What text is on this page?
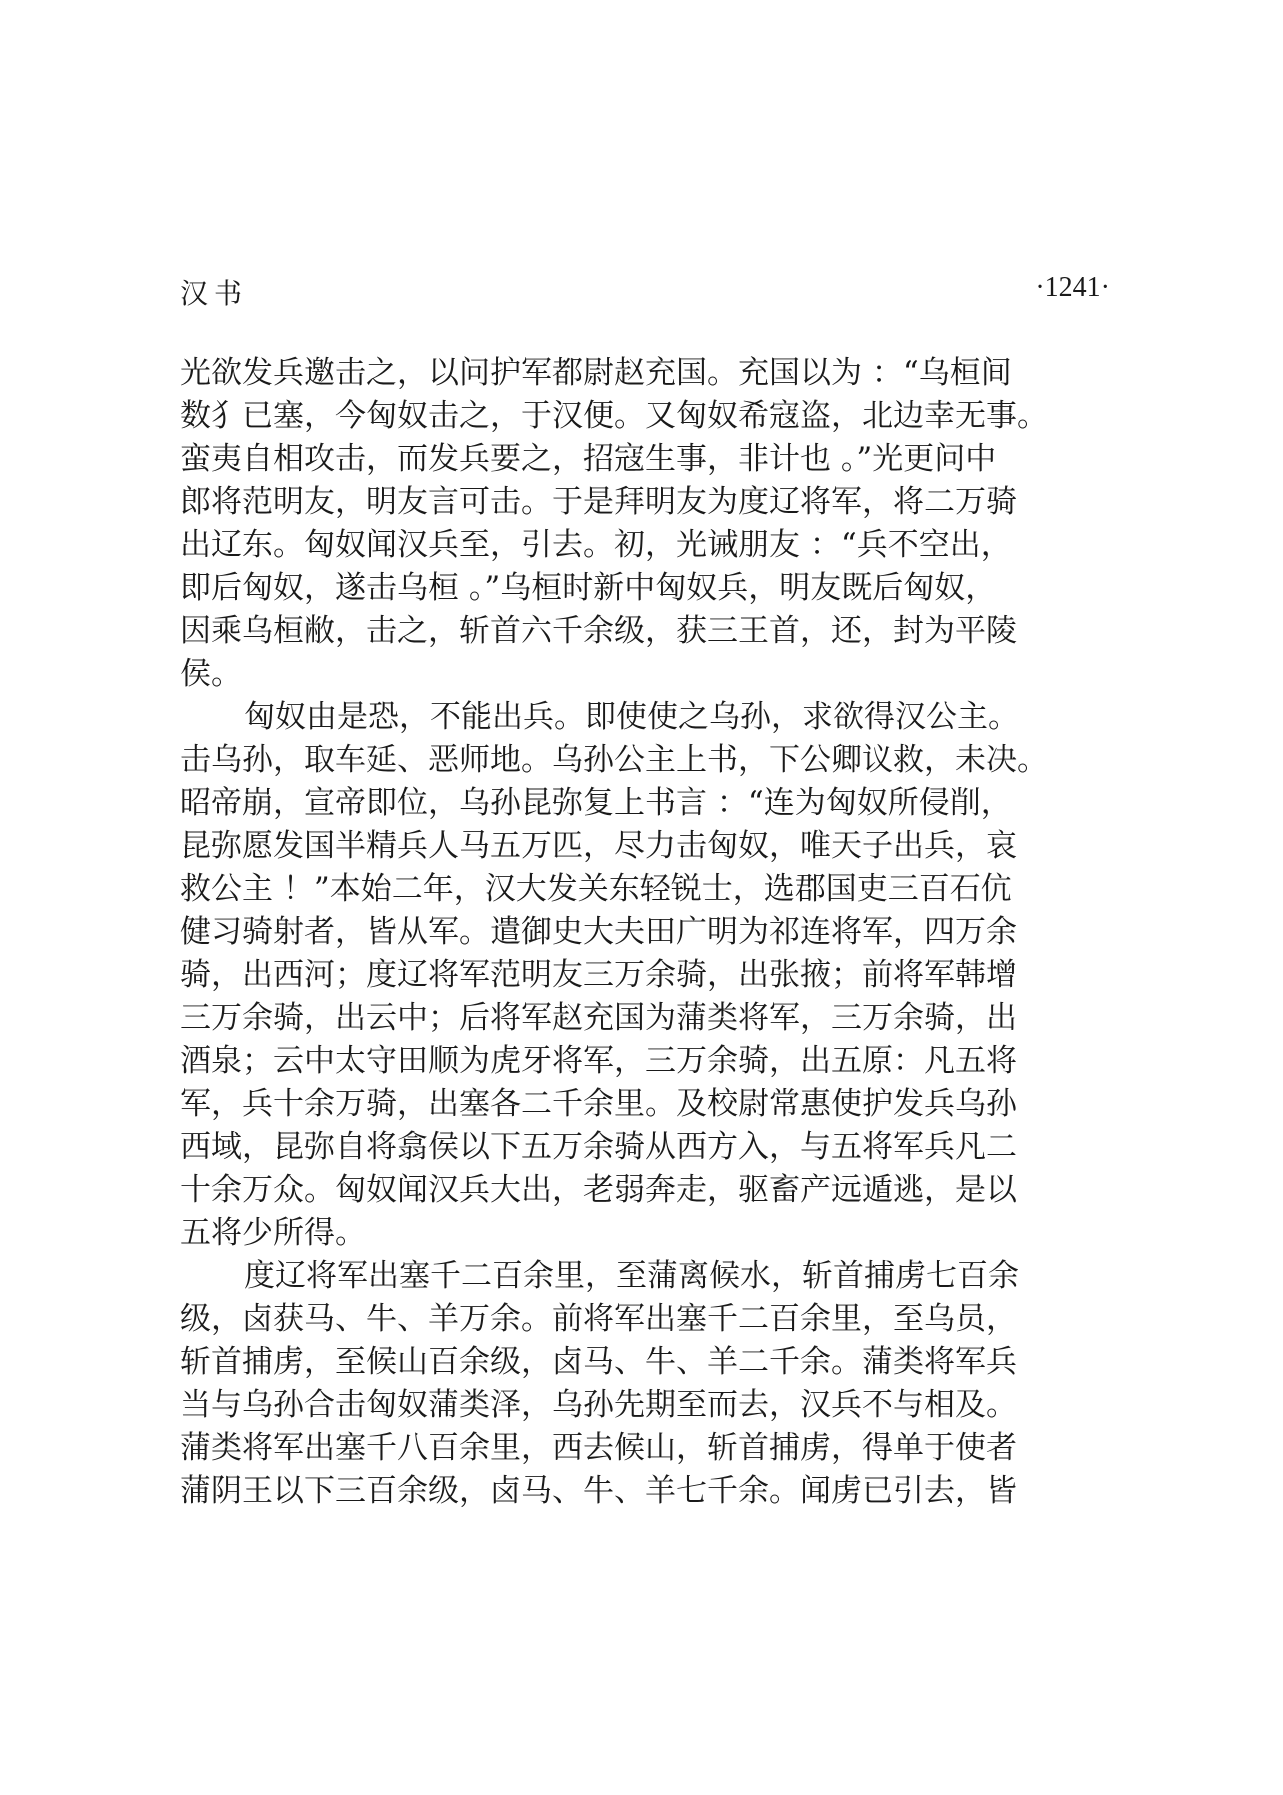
汉书	·1241·
光欲发兵邀击之，以问护军都尉赵充国。充国以为 ：“乌桓间
数犭已塞，今匈奴击之，于汉便。又匈奴希寇盗，北边幸无事。
蛮夷自相攻击，而发兵要之，招寇生事，非计也 。”光更问中
郎将范明友，明友言可击。于是拜明友为度辽将军，将二万骑
出辽东。匈奴闻汉兵至，引去。初，光诫朋友 ：“兵不空出，
即后匈奴，遂击乌桓 。”乌桓时新中匈奴兵，明友既后匈奴，
因乘乌桓敝，击之，斩首六千余级，获三王首，还，封为平陵
侯。
匈奴由是恐，不能出兵。即使使之乌孙，求欲得汉公主。
击乌孙，取车延、恶师地。乌孙公主上书，下公卿议救，未决。
昭帝崩，宣帝即位，乌孙昆弥复上书言 ：“连为匈奴所侵削，
昆弥愿发国半精兵人马五万匹，尽力击匈奴，唯天子出兵，哀
救公主 ！”本始二年，汉大发关东轻锐士，选郡国吏三百石伉
健习骑射者，皆从军。遣御史大夫田广明为祁连将军，四万余
骑，出西河；度辽将军范明友三万余骑，出张掖；前将军韩增
三万余骑，出云中；后将军赵充国为蒲类将军，三万余骑，出
酒泉；云中太守田顺为虎牙将军，三万余骑，出五原：凡五将
军，兵十余万骑，出塞各二千余里。及校尉常惠使护发兵乌孙
西域，昆弥自将翕侯以下五万余骑从西方入，与五将军兵凡二
十余万众。匈奴闻汉兵大出，老弱奔走，驱畜产远遁逃，是以
五将少所得。
度辽将军出塞千二百余里，至蒲离候水，斩首捕虏七百余
级，卤获马、牛、羊万余。前将军出塞千二百余里，至乌员，
斩首捕虏，至候山百余级，卤马、牛、羊二千余。蒲类将军兵
当与乌孙合击匈奴蒲类泽，乌孙先期至而去，汉兵不与相及。
蒲类将军出塞千八百余里，西去候山，斩首捕虏，得单于使者
蒲阴王以下三百余级，卤马、牛、羊七千余。闻虏已引去，皆
